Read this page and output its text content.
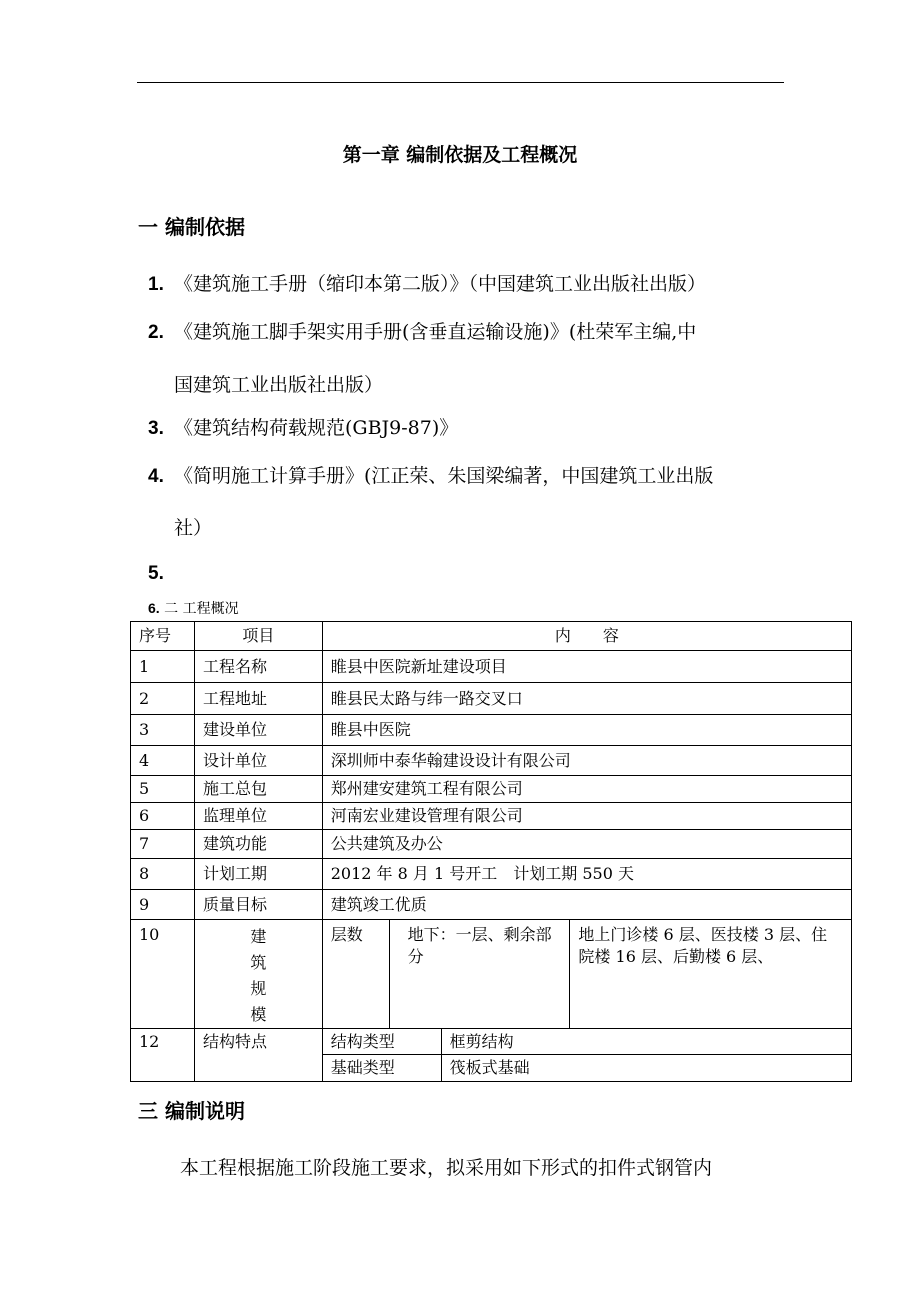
第一章 编制依据及工程概况
一 编制依据
1. 《建筑施工手册（缩印本第二版）》（中国建筑工业出版社出版）
2. 《建筑施工脚手架实用手册(含垂直运输设施)》(杜荣军主编,中
国建筑工业出版社出版）
3. 《建筑结构荷载规范(GBJ9-87)》
4. 《简明施工计算手册》(江正荣、朱国梁编著，中国建筑工业出版
社）
5.
6. 二 工程概况
序号	项目	内　　容			
1	工程名称	睢县中医院新址建设项目			
2	工程地址	睢县民太路与纬一路交叉口			
3	建设单位	睢县中医院			
4	设计单位	深圳师中泰华翰建设设计有限公司			
5	施工总包	郑州建安建筑工程有限公司			
6	监理单位	河南宏业建设管理有限公司			
7	建筑功能	公共建筑及办公			
8	计划工期	2012 年 8 月 1 号开工　计划工期 550 天			
9	质量目标	建筑竣工优质			
10	建
筑
规
模	层数	地下：一层、剩余部分		地上门诊楼 6 层、医技楼 3 层、住院楼 16 层、后勤楼 6 层、
12	结构特点	结构类型		框剪结构	
		基础类型		筏板式基础	
三 编制说明
本工程根据施工阶段施工要求，拟采用如下形式的扣件式钢管内
